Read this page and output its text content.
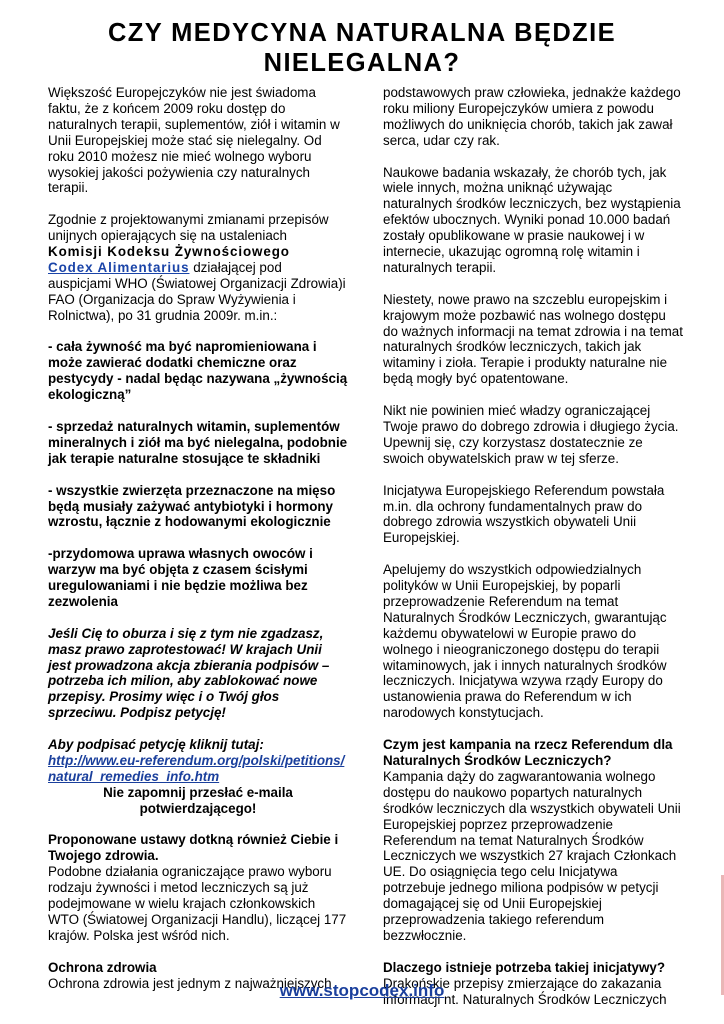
CZY MEDYCYNA NATURALNA BĘDZIE
NIELEGALNA?

Większość Europejczyków nie jest świadoma faktu, że z końcem 2009 roku dostęp do naturalnych terapii, suplementów, ziół i witamin w Unii Europejskiej może stać się nielegalny. Od roku 2010 możesz nie mieć wolnego wyboru wysokiej jakości pożywienia czy naturalnych terapii.

Zgodnie z projektowanymi zmianami przepisów unijnych opierających się na ustaleniach
Komisji Kodeksu Żywnościowego
Codex Alimentarius działającej pod auspicjami WHO (Światowej Organizacji Zdrowia)i FAO (Organizacja do Spraw Wyżywienia i Rolnictwa), po 31 grudnia 2009r. m.in.:

- cała żywność ma być napromieniowana i może zawierać dodatki chemiczne oraz pestycydy - nadal będąc nazywana „żywnością ekologiczną”

- sprzedaż naturalnych witamin, suplementów mineralnych i ziół ma być nielegalna, podobnie jak terapie naturalne stosujące te składniki

- wszystkie zwierzęta przeznaczone na mięso będą musiały zażywać antybiotyki i hormony wzrostu, łącznie z hodowanymi ekologicznie

-przydomowa uprawa własnych owoców i warzyw ma być objęta z czasem ścisłymi uregulowaniami i nie będzie możliwa bez zezwolenia

Jeśli Cię to oburza i się z tym nie zgadzasz, masz prawo zaprotestować! W krajach Unii jest prowadzona akcja zbierania podpisów – potrzeba ich milion, aby zablokować nowe przepisy. Prosimy więc i o Twój głos sprzeciwu. Podpisz petycję!

Aby podpisać petycję kliknij tutaj:
http://www.eu-referendum.org/polski/petitions/natural_remedies_info.htm

Nie zapomnij przesłać e-maila potwierdzającego!

Proponowane ustawy dotkną również Ciebie i Twojego zdrowia.
Podobne działania ograniczające prawo wyboru rodzaju żywności i metod leczniczych są już podejmowane w wielu krajach członkowskich WTO (Światowej Organizacji Handlu), liczącej 177 krajów. Polska jest wśród nich.

Ochrona zdrowia
Ochrona zdrowia jest jednym z najważniejszych

podstawowych praw człowieka, jednakże każdego roku miliony Europejczyków umiera z powodu możliwych do uniknięcia chorób, takich jak zawał serca, udar czy rak.

Naukowe badania wskazały, że chorób tych, jak wiele innych, można uniknąć używając naturalnych środków leczniczych, bez wystąpienia efektów ubocznych. Wyniki ponad 10.000 badań zostały opublikowane w prasie naukowej i w internecie, ukazując ogromną rolę witamin i naturalnych terapii.

Niestety, nowe prawo na szczeblu europejskim i krajowym może pozbawić nas wolnego dostępu do ważnych informacji na temat zdrowia i na temat naturalnych środków leczniczych, takich jak witaminy i zioła. Terapie i produkty naturalne nie będą mogły być opatentowane.

Nikt nie powinien mieć władzy ograniczającej Twoje prawo do dobrego zdrowia i długiego życia. Upewnij się, czy korzystasz dostatecznie ze swoich obywatelskich praw w tej sferze.

Inicjatywa Europejskiego Referendum powstała m.in. dla ochrony fundamentalnych praw do dobrego zdrowia wszystkich obywateli Unii Europejskiej.

Apelujemy do wszystkich odpowiedzialnych polityków w Unii Europejskiej, by poparli przeprowadzenie Referendum na temat Naturalnych Środków Leczniczych, gwarantując każdemu obywatelowi w Europie prawo do wolnego i nieograniczonego dostępu do terapii witaminowych, jak i innych naturalnych środków leczniczych. Inicjatywa wzywa rządy Europy do ustanowienia prawa do Referendum w ich narodowych konstytucjach.

Czym jest kampania na rzecz Referendum dla Naturalnych Środków Leczniczych?
Kampania dąży do zagwarantowania wolnego dostępu do naukowo popartych naturalnych środków leczniczych dla wszystkich obywateli Unii Europejskiej poprzez przeprowadzenie Referendum na temat Naturalnych Środków Leczniczych we wszystkich 27 krajach Członkach UE. Do osiągnięcia tego celu Inicjatywa potrzebuje jednego miliona podpisów w petycji domagającej się od Unii Europejskiej przeprowadzenia takiego referendum bezzwłocznie.

Dlaczego istnieje potrzeba takiej inicjatywy?
Drakońskie przepisy zmierzające do zakazania informacji nt. Naturalnych Środków Leczniczych

www.stopcodex.info
